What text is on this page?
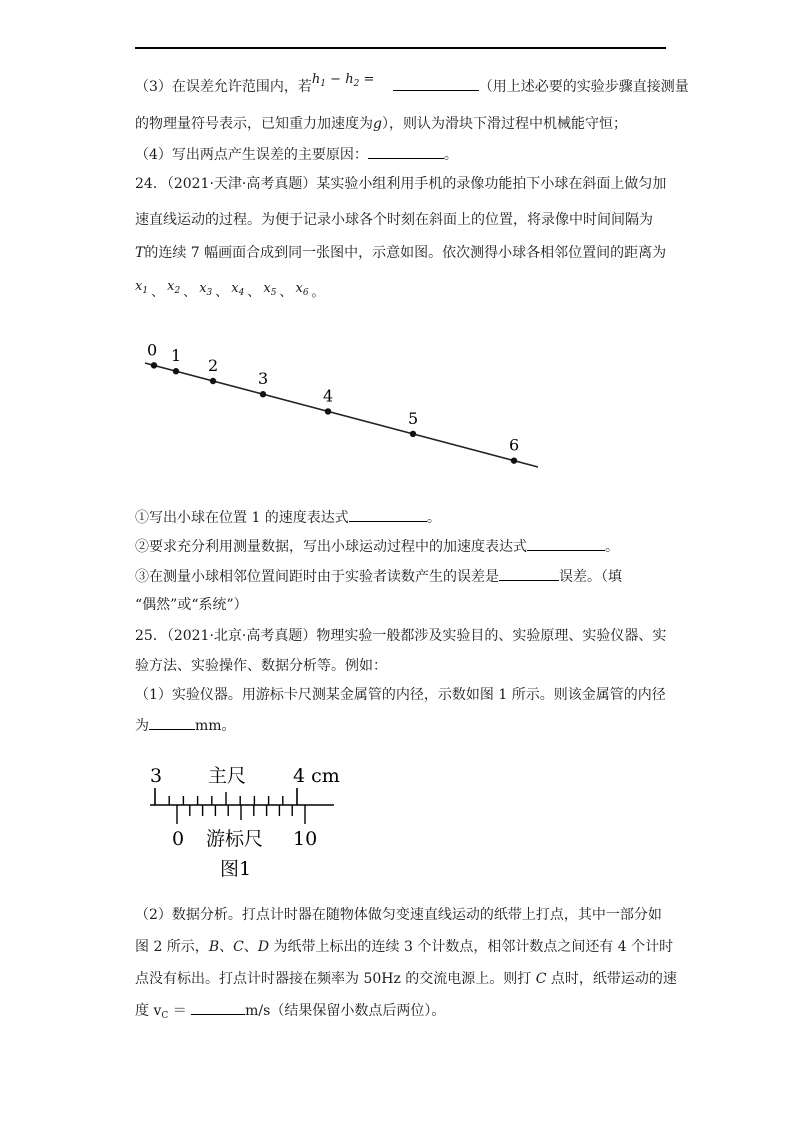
（3）在误差允许范围内，若$h_1 - h_2$ =	（用上述必要的实验步骤直接测量
的物理量符号表示，已知重力加速度为g），则认为滑块下滑过程中机械能守恒；
（4）写出两点产生误差的主要原因：	。
24．（2021·天津·高考真题）某实验小组利用手机的录像功能拍下小球在斜面上做匀加
速直线运动的过程。为便于记录小球各个时刻在斜面上的位置，将录像中时间间隔为
T的连续 7 幅画面合成到同一张图中，示意如图。依次测得小球各相邻位置间的距离为
$x_1$ 、 $x_2$ 、 $x_3$ 、 $x_4$ 、 $x_5$ 、 $x_6$ 。
0 1
2
3
4
5
6
①写出小球在位置 1 的速度表达式	。
②要求充分利用测量数据，写出小球运动过程中的加速度表达式	。
③在测量小球相邻位置间距时由于实验者读数产生的误差是	误差。（填
“偶然”或“系统”）
25．（2021·北京·高考真题）物理实验一般都涉及实验目的、实验原理、实验仪器、实
验方法、实验操作、数据分析等。例如：
（1）实验仪器。用游标卡尺测某金属管的内径，示数如图 1 所示。则该金属管的内径
为	mm。
3 主尺 4 cm
0 游标尺 10
图1
（2）数据分析。打点计时器在随物体做匀变速直线运动的纸带上打点，其中一部分如
图 2 所示，B、C、D 为纸带上标出的连续 3 个计数点，相邻计数点之间还有 4 个计时
点没有标出。打点计时器接在频率为 50Hz 的交流电源上。则打 C 点时，纸带运动的速
度 $v_C$ ＝	m/s（结果保留小数点后两位）。
